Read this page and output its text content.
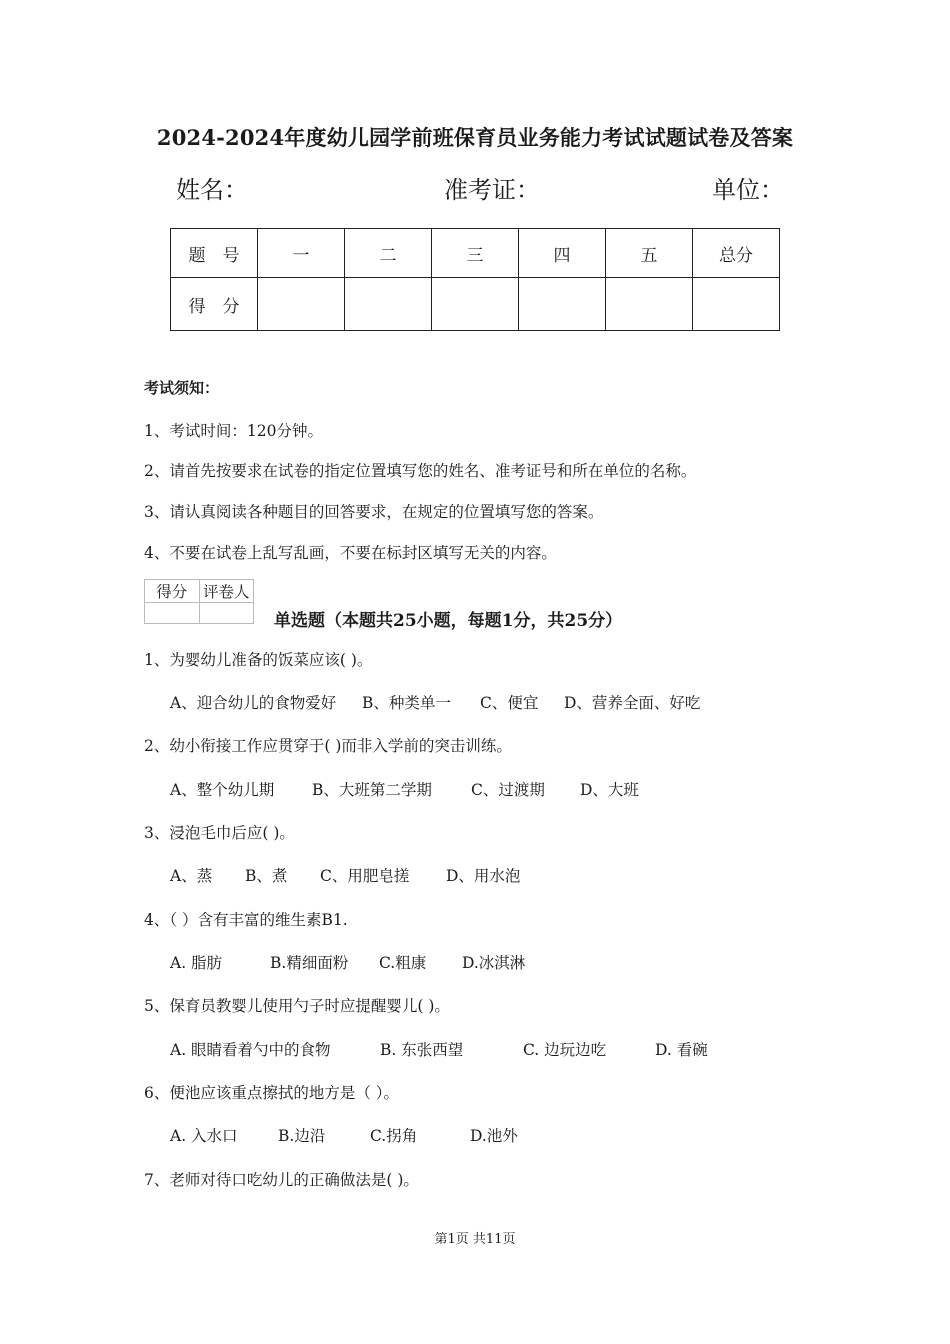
2024-2024年度幼儿园学前班保育员业务能力考试试题试卷及答案
姓名：	准考证：	单位：
题　号	一	二	三	四	五	总分
得　分						
考试须知：
1、考试时间：120分钟。
2、请首先按要求在试卷的指定位置填写您的姓名、准考证号和所在单位的名称。
3、请认真阅读各种题目的回答要求，在规定的位置填写您的答案。
4、不要在试卷上乱写乱画，不要在标封区填写无关的内容。
得分	评卷人

单选题（本题共25小题，每题1分，共25分）
1、为婴幼儿准备的饭菜应该( )。
A、迎合幼儿的食物爱好 B、种类单一 C、便宜 D、营养全面、好吃
2、幼小衔接工作应贯穿于( )而非入学前的突击训练。
A、整个幼儿期 B、大班第二学期	C、过渡期 D、大班
3、浸泡毛巾后应( )。
A、蒸 B、煮 C、用肥皂搓 D、用水泡
4、（ ）含有丰富的维生素B1.
A. 脂肪	B.精细面粉 C.粗康 D.冰淇淋
5、保育员教婴儿使用勺子时应提醒婴儿( )。
A. 眼睛看着勺中的食物	B. 东张西望	C. 边玩边吃	D. 看碗
6、便池应该重点擦拭的地方是（ ）。
A. 入水口	B.边沿	C.拐角	D.池外
7、老师对待口吃幼儿的正确做法是( )。
第1页 共11页
